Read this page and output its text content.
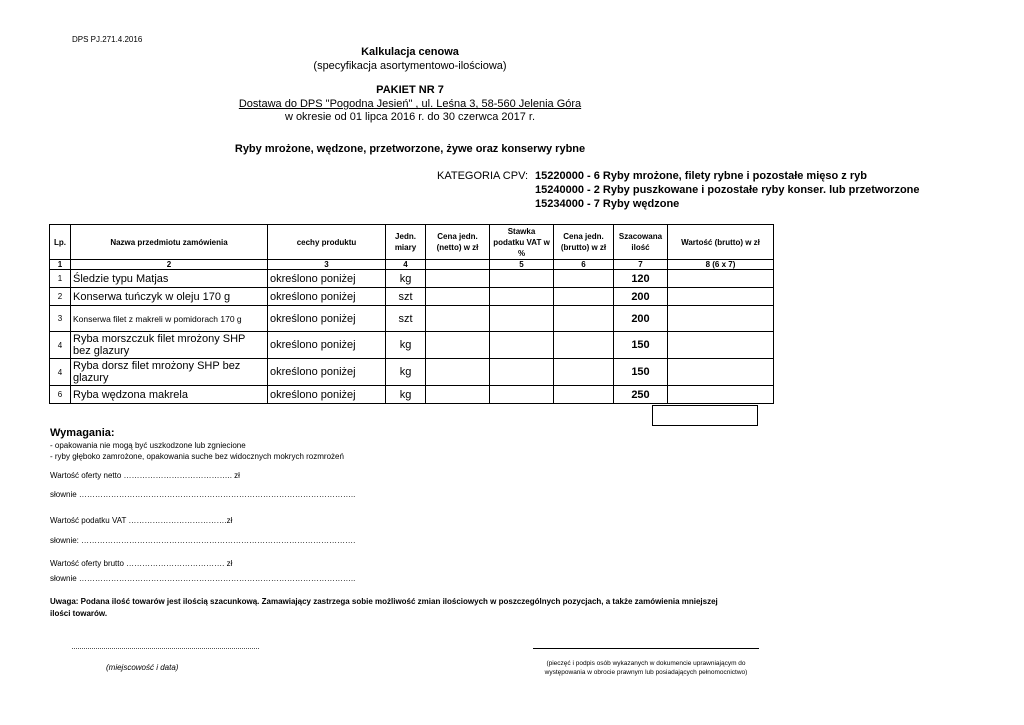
DPS PJ.271.4.2016
Kalkulacja cenowa
(specyfikacja asortymentowo-ilościowa)
PAKIET NR 7
Dostawa do DPS "Pogodna Jesień" , ul. Leśna 3, 58-560 Jelenia Góra
w okresie od 01 lipca 2016 r. do 30 czerwca 2017 r.
Ryby mrożone, wędzone, przetworzone, żywe oraz konserwy rybne
KATEGORIA CPV: 15220000 - 6 Ryby mrożone, filety rybne i pozostałe mięso z ryb
15240000 - 2 Ryby puszkowane i pozostałe ryby konser. lub przetworzone
15234000 - 7 Ryby wędzone
Lp.	Nazwa przedmiotu zamówienia	cechy produktu	Jedn. miary	Cena jedn.(netto) w zł	Stawka podatku VAT w %	Cena jedn.(brutto) w zł	Szacowana ilość	Wartość (brutto) w zł
1	2	3	4		5	6	7	8 (6 x 7)
1	Śledzie typu Matjas	określono poniżej	kg				120	
2	Konserwa tuńczyk w oleju 170 g	określono poniżej	szt				200	
3	Konserwa filet z makreli w pomidorach 170 g	określono poniżej	szt				200	
4	Ryba morszczuk filet mrożony SHP bez glazury	określono poniżej	kg				150	
4	Ryba dorsz filet mrożony SHP bez glazury	określono poniżej	kg				150	
6	Ryba wędzona makrela	określono poniżej	kg				250	
Wymagania:
- opakowania nie mogą być uszkodzone lub zgniecione
- ryby głęboko zamrożone, opakowania suche bez widocznych mokrych rozmrożeń
Wartość oferty netto ………………………………….. zł
słownie …………………………………………………………………………………………..
Wartość podatku VAT ……………………………….zł
słownie: ………………………………………………………………………………………….
Wartość oferty brutto ………………………………. zł
słownie …………………………………………………………………………………………..
Uwaga: Podana ilość towarów jest ilością szacunkową. Zamawiający zastrzega sobie możliwość zmian ilościowych w poszczególnych pozycjach, a także zamówienia mniejszej ilości towarów.
(miejscowość i data)	(pieczęć i podpis osób wykazanych w dokumencie uprawniającym do
występowania w obrocie prawnym lub posiadających pełnomocnictwo)
